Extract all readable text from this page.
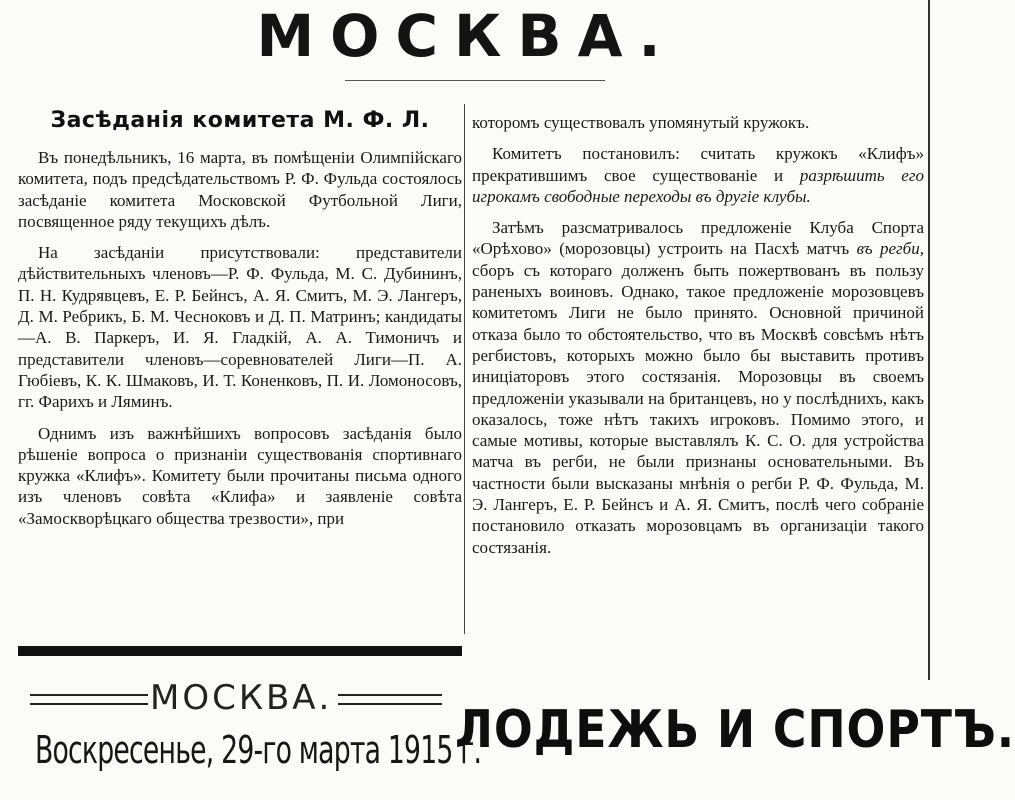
МОСКВА.
Засѣданія комитета М. Ф. Л.

Въ понедѣльникъ, 16 марта, въ помѣщеніи Олимпійскаго комитета, подъ предсѣдательствомъ Р. Ф. Фульда состоялось засѣданіе комитета Московской Футбольной Лиги, посвященное ряду текущихъ дѣлъ.

На засѣданіи присутствовали: представители дѣйствительныхъ членовъ—Р. Ф. Фульда, М. С. Дубининъ, П. Н. Кудрявцевъ, Е. Р. Бейнсъ, А. Я. Смитъ, М. Э. Лангеръ, Д. М. Ребрикъ, Б. М. Чесноковъ и Д. П. Матринъ; кандидаты—А. В. Паркеръ, И. Я. Гладкій, А. А. Тимоничъ и представители членовъ—соревнователей Лиги—П. А. Гюбіевъ, К. К. Шмаковъ, И. Т. Коненковъ, П. И. Ломоносовъ, гг. Фарихъ и Ляминъ.

Однимъ изъ важнѣйшихъ вопросовъ засѣданія было рѣшеніе вопроса о признаніи существованія спортивнаго кружка «Клифъ». Комитету были прочитаны письма одного изъ членовъ совѣта «Клифа» и заявленіе совѣта «Замоскворѣцкаго общества трезвости», при

которомъ существовалъ упомянутый кружокъ.

Комитетъ постановилъ: считать кружокъ «Клифъ» прекратившимъ свое существованіе и разрѣшить его игрокамъ свободные переходы въ другіе клубы.

Затѣмъ разсматривалось предложеніе Клуба Спорта «Орѣхово» (морозовцы) устроить на Пасхѣ матчъ въ регби, сборъ съ котораго долженъ быть пожертвованъ въ пользу раненыхъ воиновъ. Однако, такое предложеніе морозовцевъ комитетомъ Лиги не было принято. Основной причиной отказа было то обстоятельство, что въ Москвѣ совсѣмъ нѣтъ регбистовъ, которыхъ можно было бы выставить противъ иниціаторовъ этого состязанія. Морозовцы въ своемъ предложеніи указывали на британцевъ, но у послѣднихъ, какъ оказалось, тоже нѣтъ такихъ игроковъ. Помимо этого, и самые мотивы, которые выставлялъ К. С. О. для устройства матча въ регби, не были признаны основательными. Въ частности были высказаны мнѣнія о регби Р. Ф. Фульда, М. Э. Лангеръ, Е. Р. Бейнсъ и А. Я. Смитъ, послѣ чего собраніе постановило отказать морозовцамъ въ организаціи такого состязанія.

МОСКВА.
Воскресенье, 29-го марта 1915 г.
ЛОДЕЖЬ И СПОРТЪ.
